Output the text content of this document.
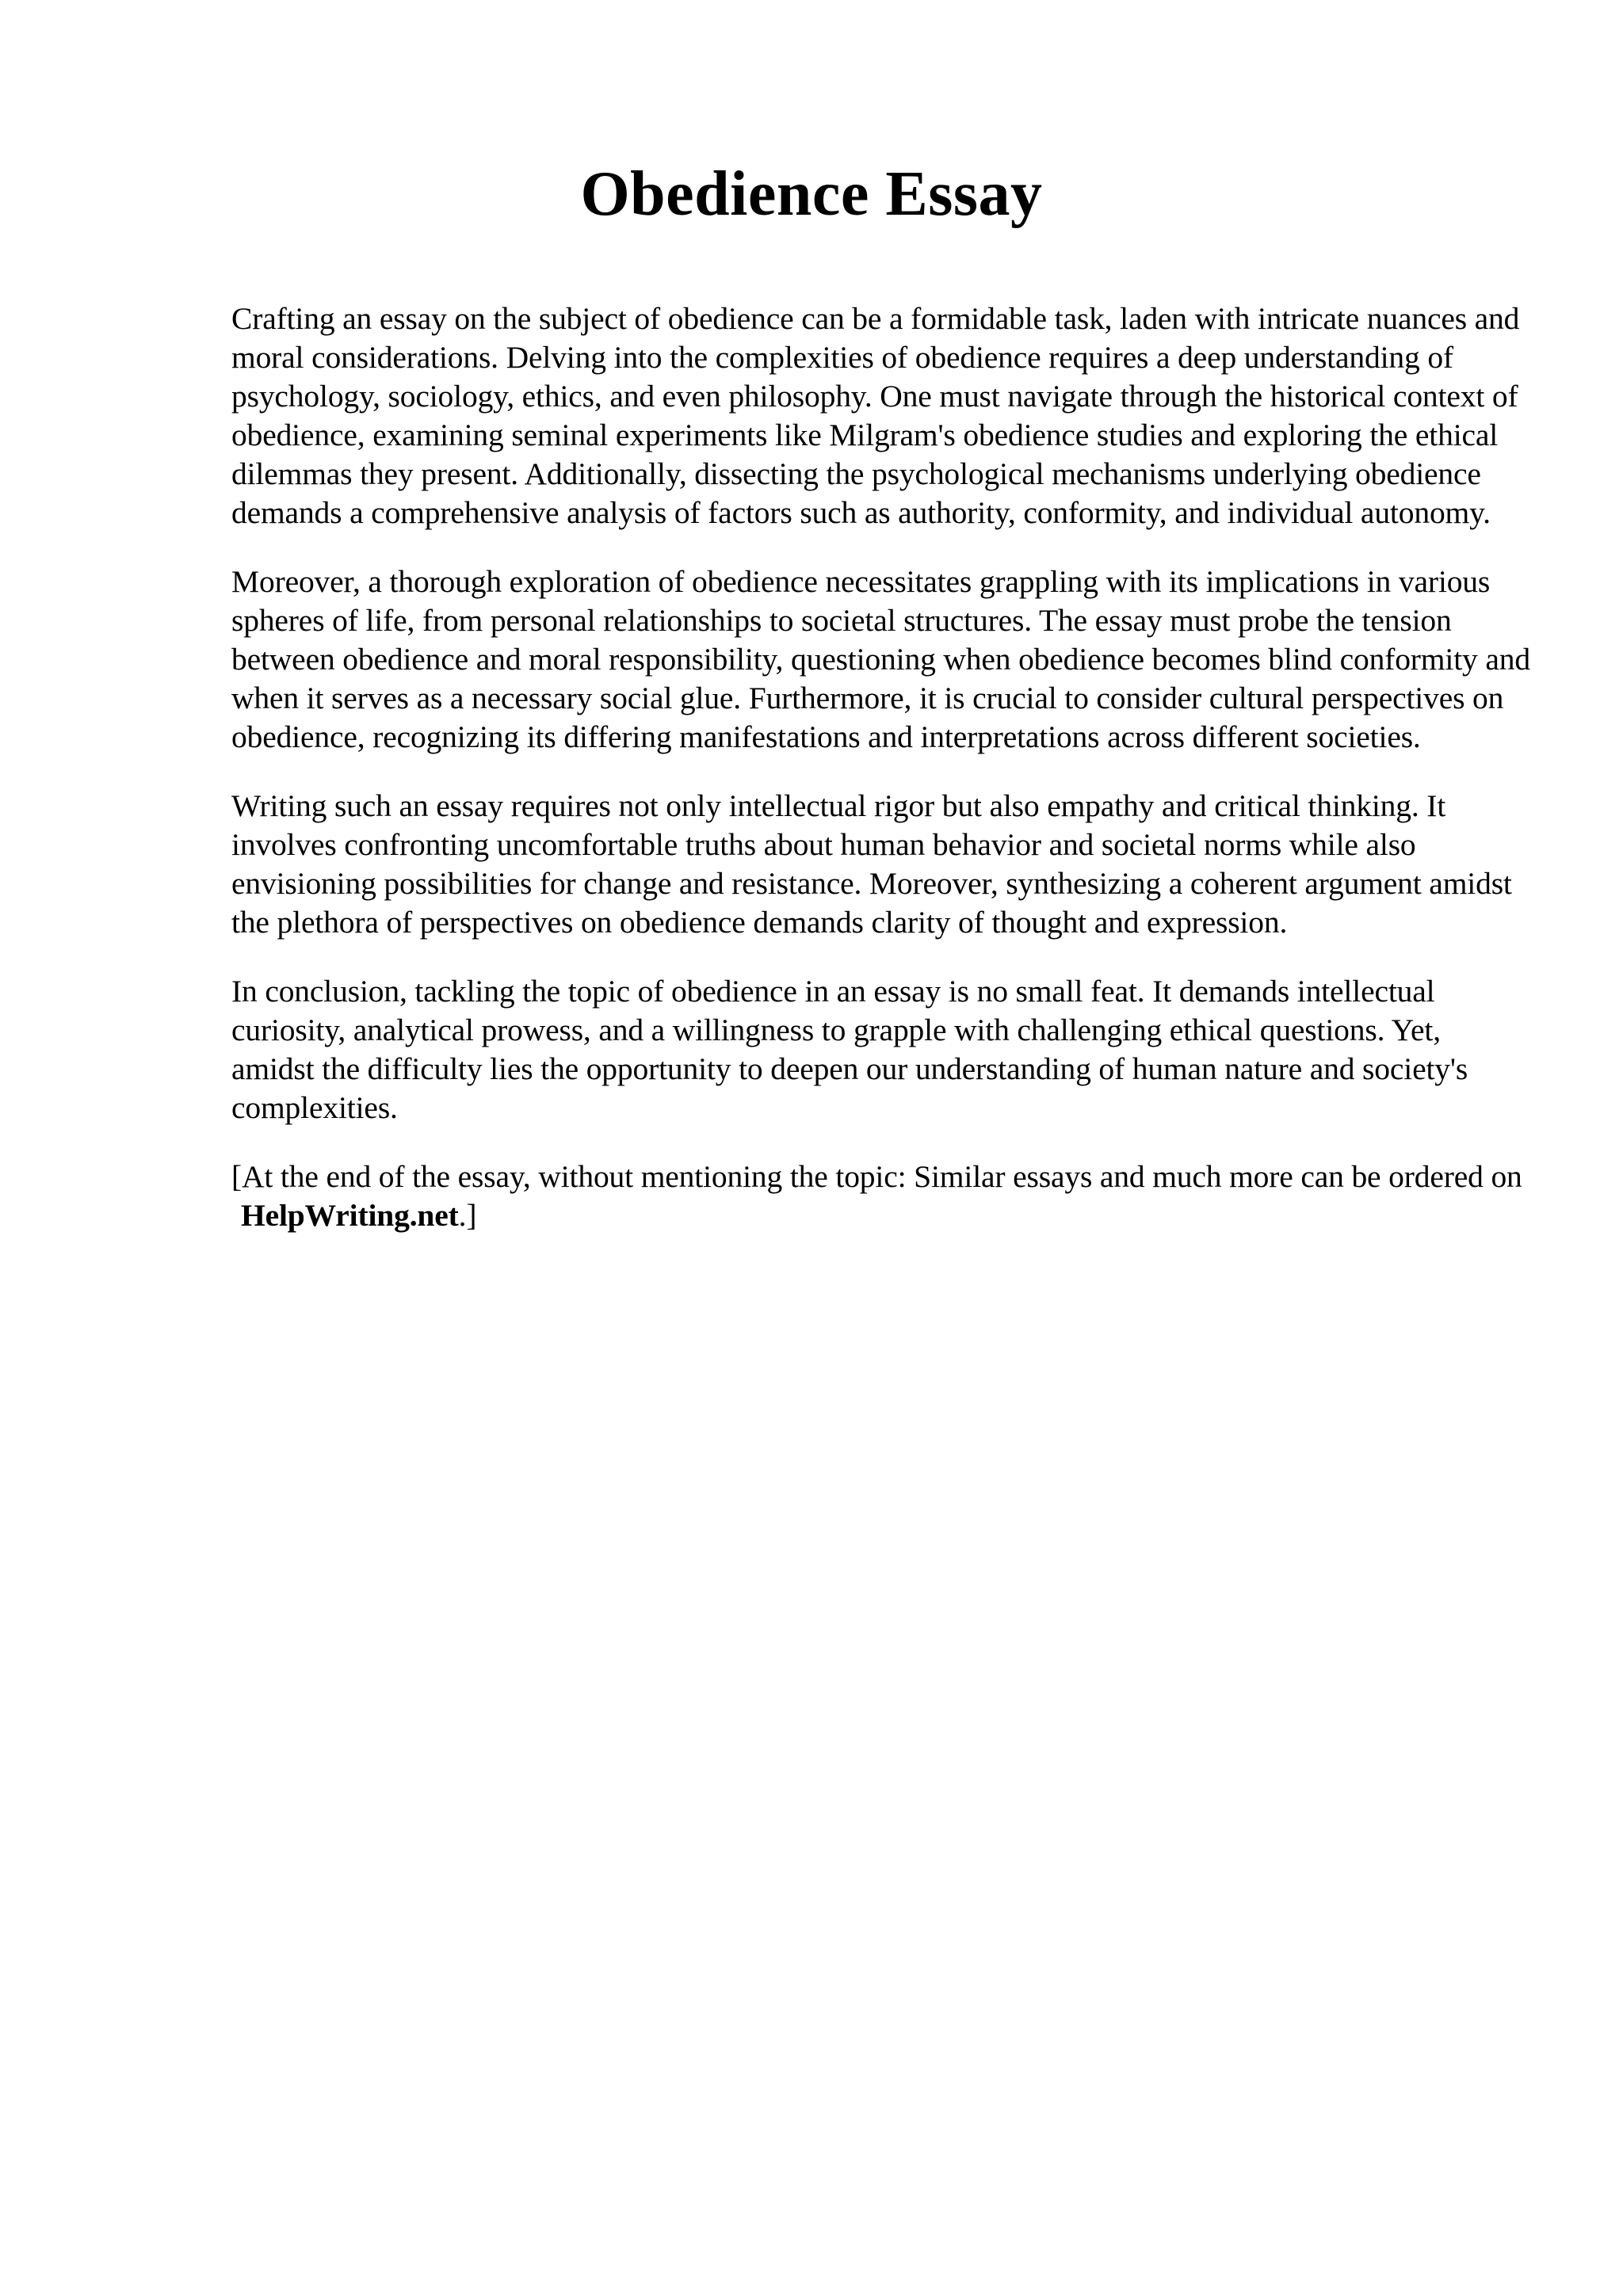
Obedience Essay

Crafting an essay on the subject of obedience can be a formidable task, laden with intricate nuances and moral considerations. Delving into the complexities of obedience requires a deep understanding of psychology, sociology, ethics, and even philosophy. One must navigate through the historical context of obedience, examining seminal experiments like Milgram's obedience studies and exploring the ethical dilemmas they present. Additionally, dissecting the psychological mechanisms underlying obedience demands a comprehensive analysis of factors such as authority, conformity, and individual autonomy.

Moreover, a thorough exploration of obedience necessitates grappling with its implications in various spheres of life, from personal relationships to societal structures. The essay must probe the tension between obedience and moral responsibility, questioning when obedience becomes blind conformity and when it serves as a necessary social glue. Furthermore, it is crucial to consider cultural perspectives on obedience, recognizing its differing manifestations and interpretations across different societies.

Writing such an essay requires not only intellectual rigor but also empathy and critical thinking. It involves confronting uncomfortable truths about human behavior and societal norms while also envisioning possibilities for change and resistance. Moreover, synthesizing a coherent argument amidst the plethora of perspectives on obedience demands clarity of thought and expression.

In conclusion, tackling the topic of obedience in an essay is no small feat. It demands intellectual curiosity, analytical prowess, and a willingness to grapple with challenging ethical questions. Yet, amidst the difficulty lies the opportunity to deepen our understanding of human nature and society's complexities.

[At the end of the essay, without mentioning the topic: Similar essays and much more can be ordered on HelpWriting.net.]
